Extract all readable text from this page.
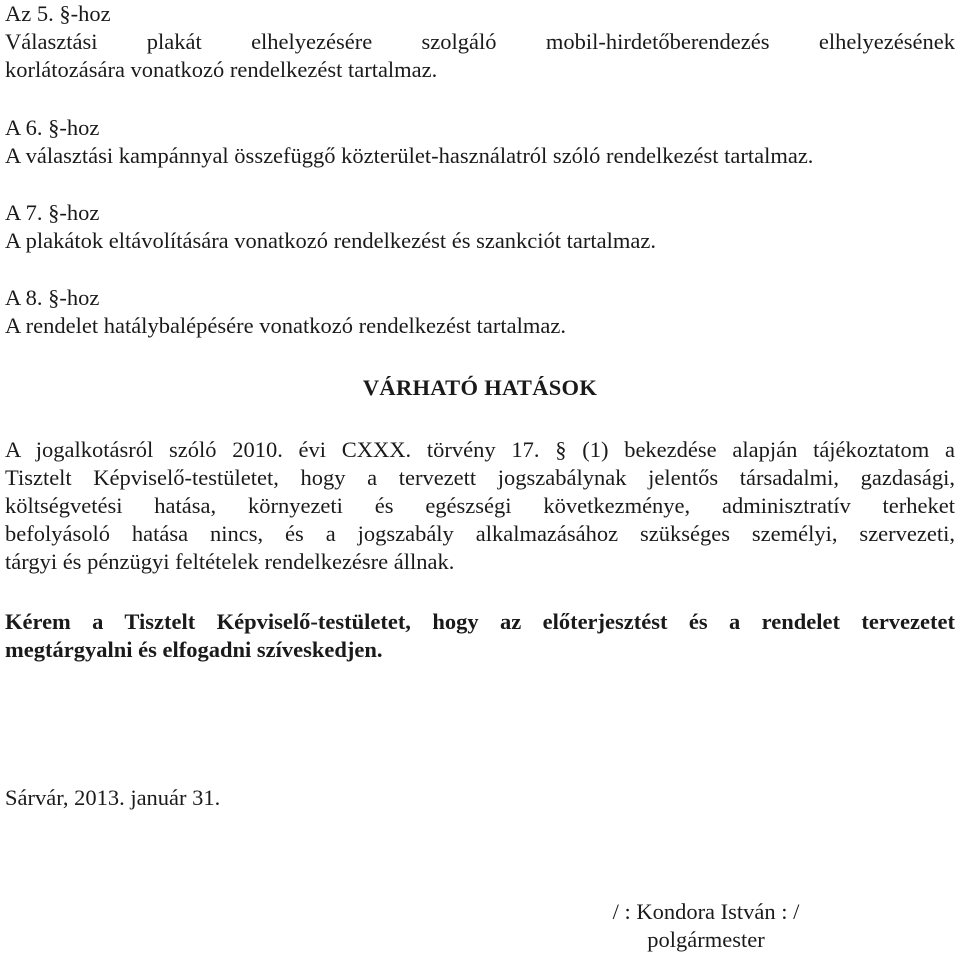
Az 5. §-hoz
Választási plakát elhelyezésére szolgáló mobil-hirdetőberendezés elhelyezésének
korlátozására vonatkozó rendelkezést tartalmaz.
A 6. §-hoz
A választási kampánnyal összefüggő közterület-használatról szóló rendelkezést tartalmaz.
A 7. §-hoz
A plakátok eltávolítására vonatkozó rendelkezést és szankciót tartalmaz.
A 8. §-hoz
A rendelet hatálybalépésére vonatkozó rendelkezést tartalmaz.
A jogalkotásról szóló 2010. évi CXXX. törvény 17. § (1) bekezdése alapján tájékoztatom a
Tisztelt Képviselő-testületet, hogy a tervezett jogszabálynak jelentős társadalmi, gazdasági,
költségvetési hatása, környezeti és egészségi következménye, adminisztratív terheket
befolyásoló hatása nincs, és a jogszabály alkalmazásához szükséges személyi, szervezeti,
tárgyi és pénzügyi feltételek rendelkezésre állnak.
Kérem a Tisztelt Képviselő-testületet, hogy az előterjesztést és a rendelet tervezetet
megtárgyalni és elfogadni szíveskedjen.
Sárvár, 2013. január 31.
VÁRHATÓ HATÁSOK
/ : Kondora István : /
polgármester
